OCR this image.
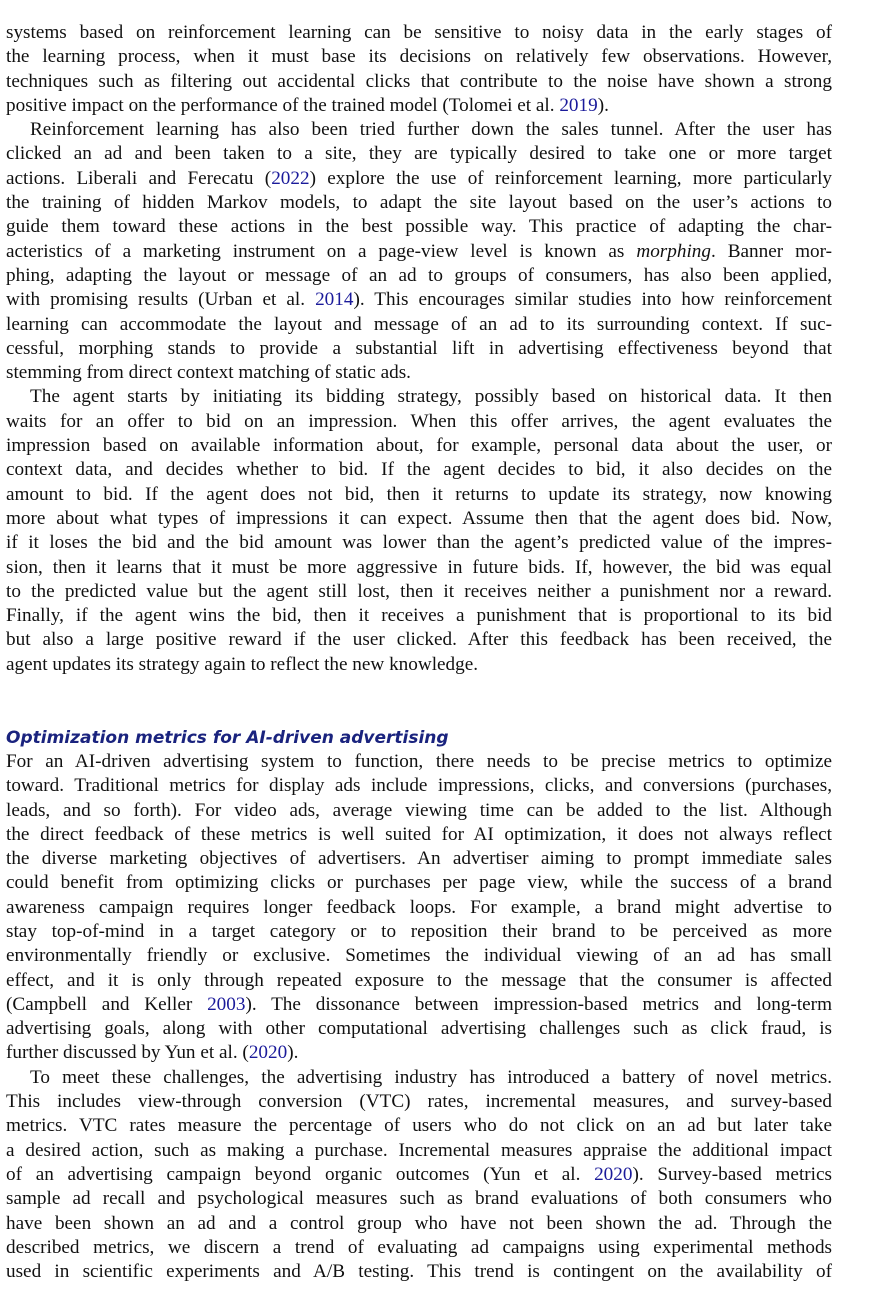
systems based on reinforcement learning can be sensitive to noisy data in the early stages of
the learning process, when it must base its decisions on relatively few observations. However,
techniques such as filtering out accidental clicks that contribute to the noise have shown a strong
positive impact on the performance of the trained model (Tolomei et al. 2019).
Reinforcement learning has also been tried further down the sales tunnel. After the user has
clicked an ad and been taken to a site, they are typically desired to take one or more target
actions. Liberali and Ferecatu (2022) explore the use of reinforcement learning, more particularly
the training of hidden Markov models, to adapt the site layout based on the user’s actions to
guide them toward these actions in the best possible way. This practice of adapting the char-
acteristics of a marketing instrument on a page-view level is known as morphing. Banner mor-
phing, adapting the layout or message of an ad to groups of consumers, has also been applied,
with promising results (Urban et al. 2014). This encourages similar studies into how reinforcement
learning can accommodate the layout and message of an ad to its surrounding context. If suc-
cessful, morphing stands to provide a substantial lift in advertising effectiveness beyond that
stemming from direct context matching of static ads.
The agent starts by initiating its bidding strategy, possibly based on historical data. It then
waits for an offer to bid on an impression. When this offer arrives, the agent evaluates the
impression based on available information about, for example, personal data about the user, or
context data, and decides whether to bid. If the agent decides to bid, it also decides on the
amount to bid. If the agent does not bid, then it returns to update its strategy, now knowing
more about what types of impressions it can expect. Assume then that the agent does bid. Now,
if it loses the bid and the bid amount was lower than the agent’s predicted value of the impres-
sion, then it learns that it must be more aggressive in future bids. If, however, the bid was equal
to the predicted value but the agent still lost, then it receives neither a punishment nor a reward.
Finally, if the agent wins the bid, then it receives a punishment that is proportional to its bid
but also a large positive reward if the user clicked. After this feedback has been received, the
agent updates its strategy again to reflect the new knowledge.
Optimization metrics for AI-driven advertising
For an AI-driven advertising system to function, there needs to be precise metrics to optimize
toward. Traditional metrics for display ads include impressions, clicks, and conversions (purchases,
leads, and so forth). For video ads, average viewing time can be added to the list. Although
the direct feedback of these metrics is well suited for AI optimization, it does not always reflect
the diverse marketing objectives of advertisers. An advertiser aiming to prompt immediate sales
could benefit from optimizing clicks or purchases per page view, while the success of a brand
awareness campaign requires longer feedback loops. For example, a brand might advertise to
stay top-of-mind in a target category or to reposition their brand to be perceived as more
environmentally friendly or exclusive. Sometimes the individual viewing of an ad has small
effect, and it is only through repeated exposure to the message that the consumer is affected
(Campbell and Keller 2003). The dissonance between impression-based metrics and long-term
advertising goals, along with other computational advertising challenges such as click fraud, is
further discussed by Yun et al. (2020).
To meet these challenges, the advertising industry has introduced a battery of novel metrics.
This includes view-through conversion (VTC) rates, incremental measures, and survey-based
metrics. VTC rates measure the percentage of users who do not click on an ad but later take
a desired action, such as making a purchase. Incremental measures appraise the additional impact
of an advertising campaign beyond organic outcomes (Yun et al. 2020). Survey-based metrics
sample ad recall and psychological measures such as brand evaluations of both consumers who
have been shown an ad and a control group who have not been shown the ad. Through the
described metrics, we discern a trend of evaluating ad campaigns using experimental methods
used in scientific experiments and A/B testing. This trend is contingent on the availability of
